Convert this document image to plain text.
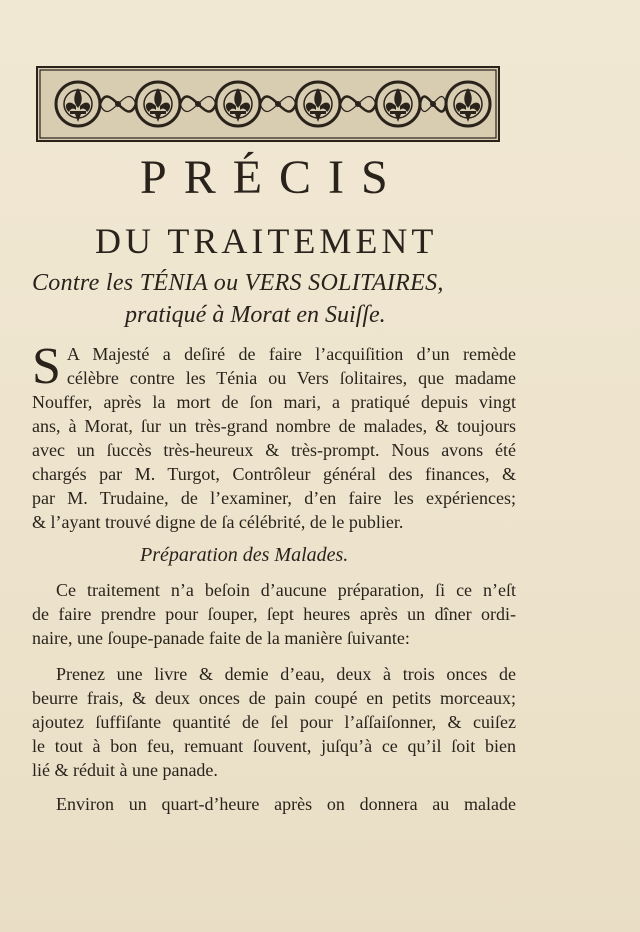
PRÉCIS
DU TRAITEMENT
Contre les TÉNIA ou VERS SOLITAIRES,
pratiqué à Morat en Suiſſe.
S A Majesté a deſiré de faire l’acquiſition d’un remède
célèbre contre les Ténia ou Vers ſolitaires, que madame
Nouffer, après la mort de ſon mari, a pratiqué depuis vingt
ans, à Morat, ſur un très-grand nombre de malades, & toujours
avec un ſuccès très-heureux & très-prompt. Nous avons été
chargés par M. Turgot, Contrôleur général des finances, &
par M. Trudaine, de l’examiner, d’en faire les expériences;
& l’ayant trouvé digne de ſa célébrité, de le publier.
Préparation des Malades.
Ce traitement n’a beſoin d’aucune préparation, ſi ce n’eſt
de faire prendre pour ſouper, ſept heures après un dîner ordi-
naire, une ſoupe-panade faite de la manière ſuivante:
Prenez une livre & demie d’eau, deux à trois onces de
beurre frais, & deux onces de pain coupé en petits morceaux;
ajoutez ſuffiſante quantité de ſel pour l’aſſaiſonner, & cuiſez
le tout à bon feu, remuant ſouvent, juſqu’à ce qu’il ſoit bien
lié & réduit à une panade.
Environ un quart-d’heure après on donnera au malade
